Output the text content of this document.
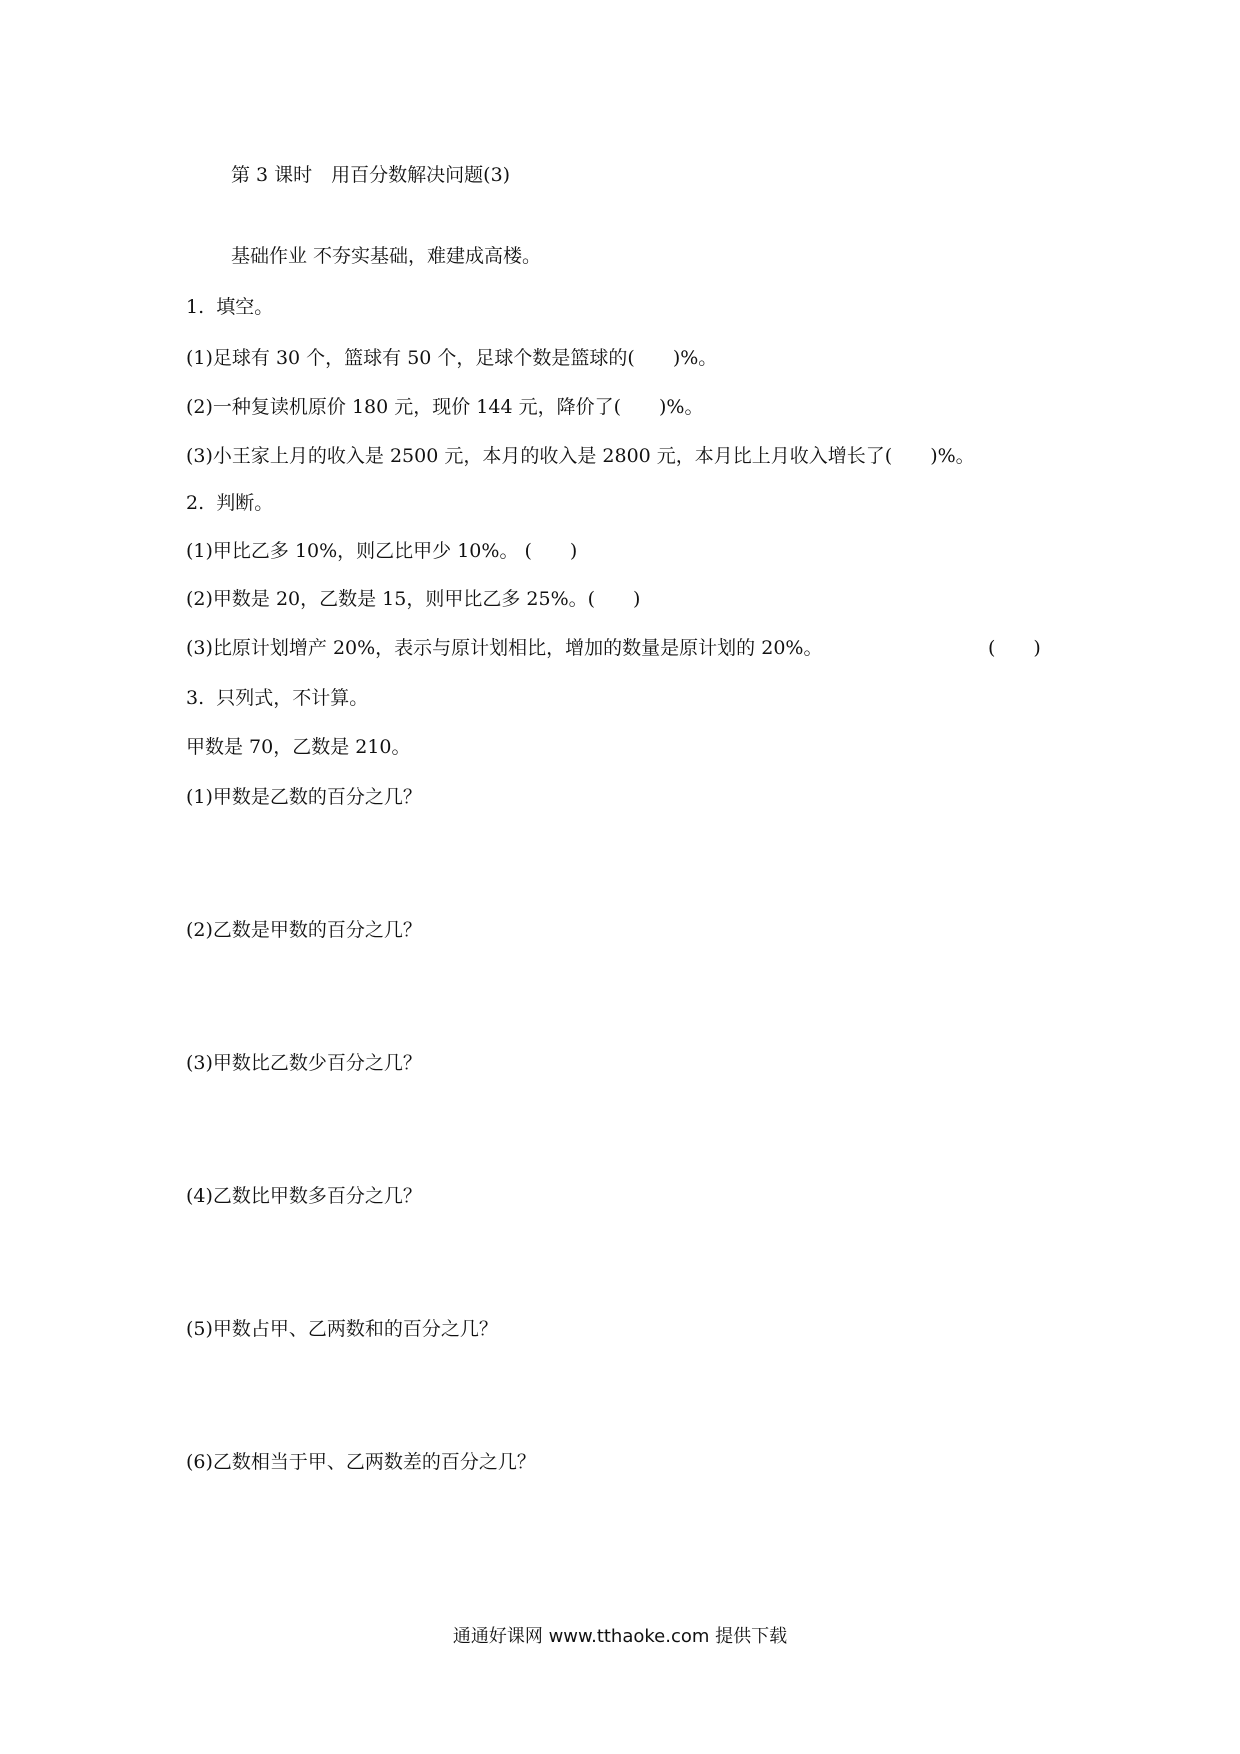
第 3 课时　用百分数解决问题(3)
基础作业 不夯实基础，难建成高楼。
1.  填空。
(1)足球有 30 个，篮球有 50 个，足球个数是篮球的(　　)%。
(2)一种复读机原价 180 元，现价 144 元，降价了(　　)%。
(3)小王家上月的收入是 2500 元，本月的收入是 2800 元，本月比上月收入增长了(　　)%。
2.  判断。
(1)甲比乙多 10%，则乙比甲少 10%。 (　　)
(2)甲数是 20，乙数是 15，则甲比乙多 25%。(　　)
(3)比原计划增产 20%，表示与原计划相比，增加的数量是原计划的 20%。	(　　)
3.  只列式，不计算。
甲数是 70，乙数是 210。
(1)甲数是乙数的百分之几？
(2)乙数是甲数的百分之几？
(3)甲数比乙数少百分之几？
(4)乙数比甲数多百分之几？
(5)甲数占甲、乙两数和的百分之几？
(6)乙数相当于甲、乙两数差的百分之几？
通通好课网 www.tthaoke.com 提供下载
